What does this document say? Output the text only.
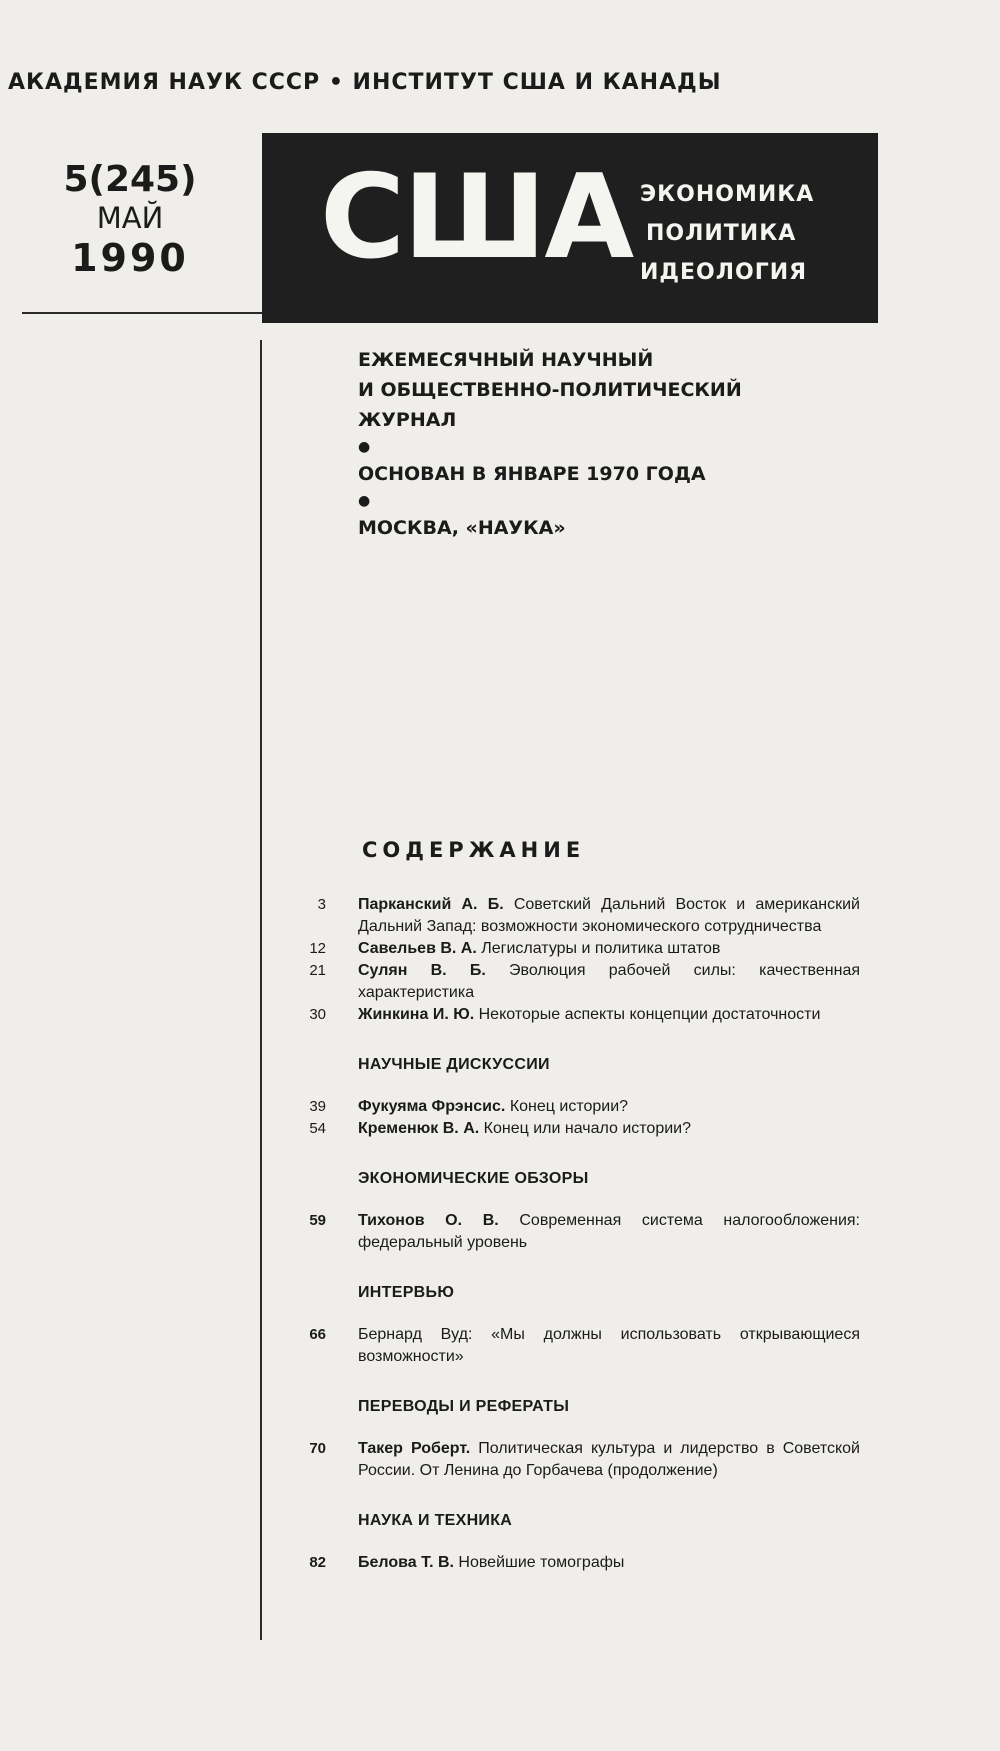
АКАДЕМИЯ НАУК СССР • ИНСТИТУТ США И КАНАДЫ
5(245)
МАЙ
1990	США ЭКОНОМИКА
ПОЛИТИКА
ИДЕОЛОГИЯ
ЕЖЕМЕСЯЧНЫЙ НАУЧНЫЙ
И ОБЩЕСТВЕННО-ПОЛИТИЧЕСКИЙ
ЖУРНАЛ
●
ОСНОВАН В ЯНВАРЕ 1970 ГОДА
●
МОСКВА, «НАУКА»
СОДЕРЖАНИЕ
3 Парканский А. Б. Советский Дальний Восток и американский Дальний Запад: возможности экономического сотрудничества
12 Савельев В. А. Легислатуры и политика штатов
21 Сулян В. Б. Эволюция рабочей силы: качественная характеристика
30 Жинкина И. Ю. Некоторые аспекты концепции достаточности
НАУЧНЫЕ ДИСКУССИИ
39 Фукуяма Фрэнсис. Конец истории?
54 Кременюк В. А. Конец или начало истории?
ЭКОНОМИЧЕСКИЕ ОБЗОРЫ
59 Тихонов О. В. Современная система налогообложения: федеральный уровень
ИНТЕРВЬЮ
66 Бернард Вуд: «Мы должны использовать открывающиеся возможности»
ПЕРЕВОДЫ И РЕФЕРАТЫ
70 Такер Роберт. Политическая культура и лидерство в Советской России. От Ленина до Горбачева (продолжение)
НАУКА И ТЕХНИКА
82 Белова Т. В. Новейшие томографы
